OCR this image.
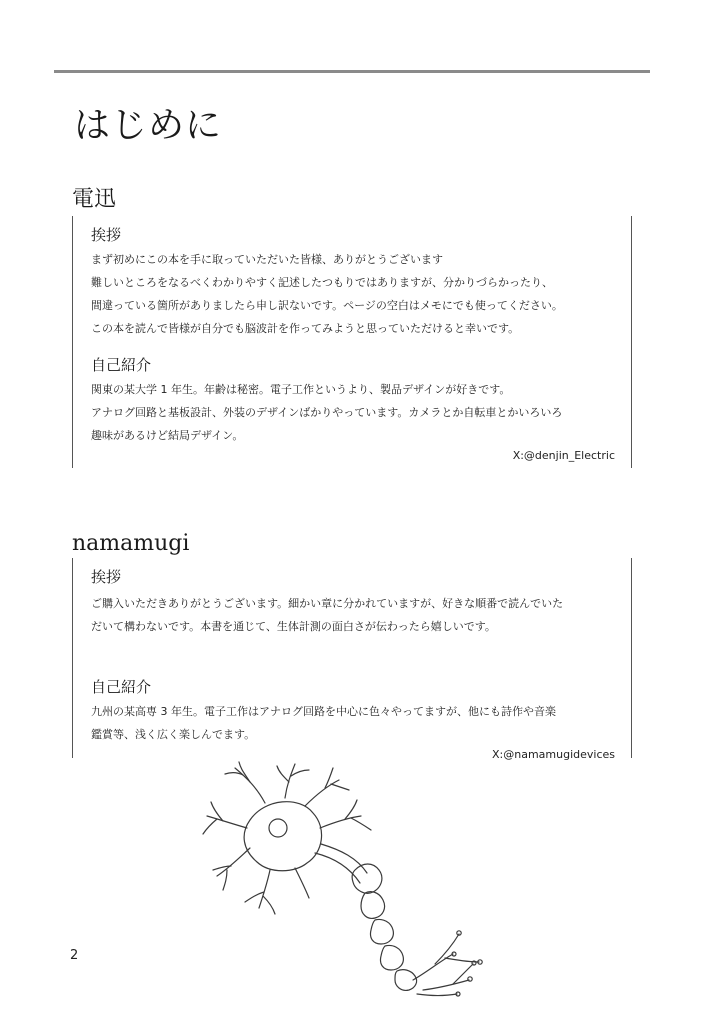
はじめに
電迅
挨拶

まず初めにこの本を手に取っていただいた皆様、ありがとうございます

難しいところをなるべくわかりやすく記述したつもりではありますが、分かりづらかったり、

間違っている箇所がありましたら申し訳ないです。ページの空白はメモにでも使ってください。

この本を読んで皆様が自分でも脳波計を作ってみようと思っていただけると幸いです。

自己紹介

関東の某大学 1 年生。年齢は秘密。電子工作というより、製品デザインが好きです。

アナログ回路と基板設計、外装のデザインばかりやっています。カメラとか自転車とかいろいろ

趣味があるけど結局デザイン。

X:@denjin_Electric

namamugi
挨拶

ご購入いただきありがとうございます。細かい章に分かれていますが、好きな順番で読んでいた

だいて構わないです。本書を通じて、生体計測の面白さが伝わったら嬉しいです。

自己紹介

九州の某高専 3 年生。電子工作はアナログ回路を中心に色々やってますが、他にも詩作や音楽

鑑賞等、浅く広く楽しんでます。

X:@namamugidevices

2
